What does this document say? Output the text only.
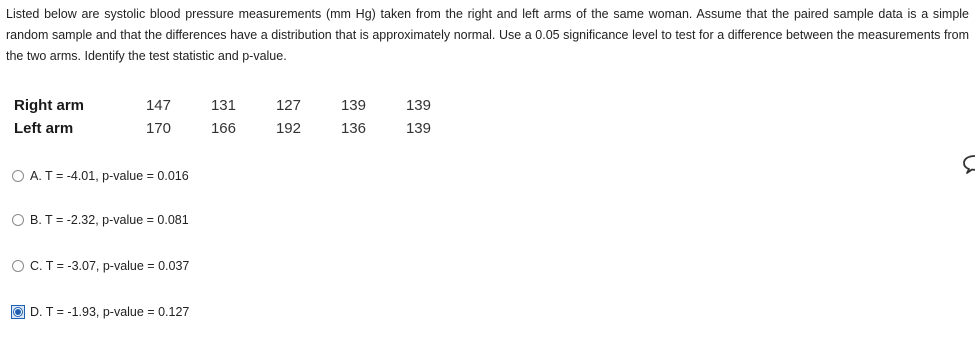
Listed below are systolic blood pressure measurements (mm Hg) taken from the right and left arms of the same woman. Assume that the paired sample data is a simple random sample and that the differences have a distribution that is approximately normal. Use a 0.05 significance level to test for a difference between the measurements from the two arms. Identify the test statistic and p-value.
Right arm	147	131	127	139	139
Left arm	170	166	192	136	139
A. T = -4.01, p-value = 0.016
B. T = -2.32, p-value = 0.081
C. T = -3.07, p-value = 0.037
D. T = -1.93, p-value = 0.127
